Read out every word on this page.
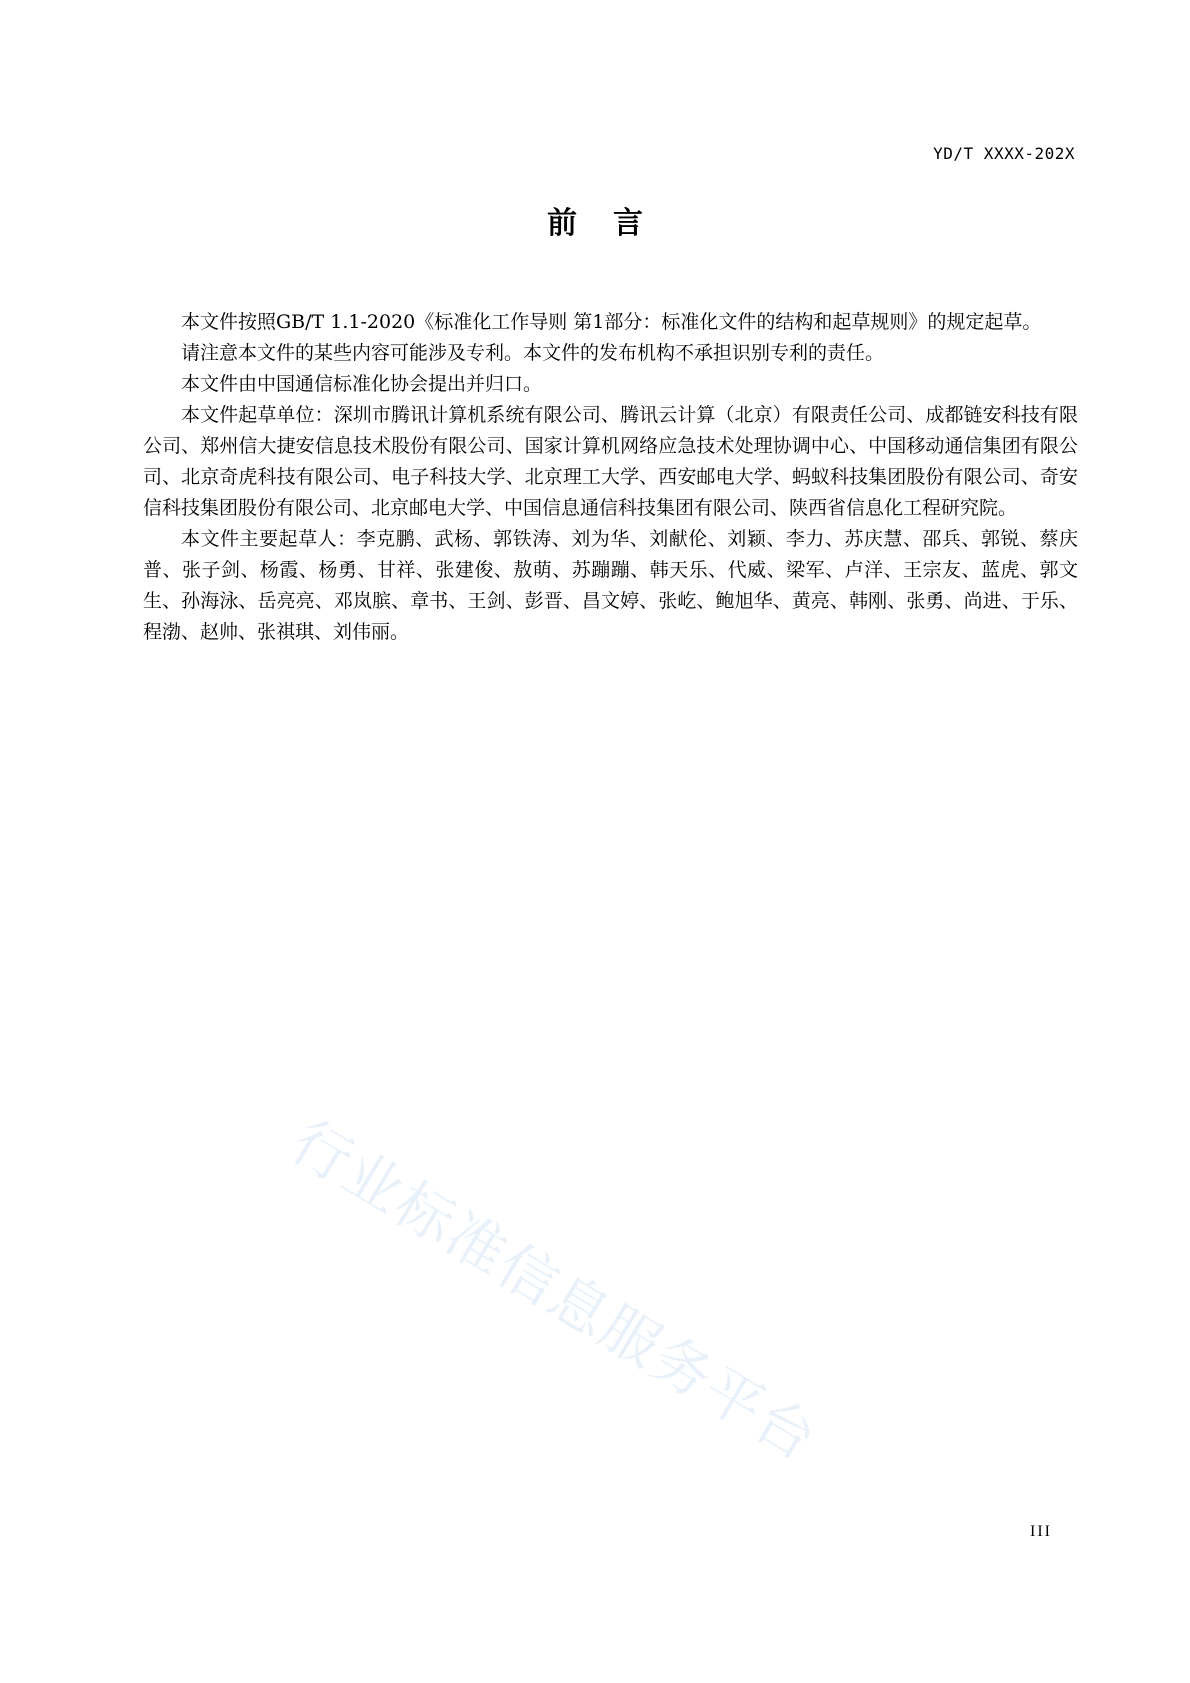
YD/T XXXX-202X
前言

本文件按照GB/T 1.1-2020《标准化工作导则 第1部分：标准化文件的结构和起草规则》的规定起草。

请注意本文件的某些内容可能涉及专利。本文件的发布机构不承担识别专利的责任。

本文件由中国通信标准化协会提出并归口。

本文件起草单位：深圳市腾讯计算机系统有限公司、腾讯云计算（北京）有限责任公司、成都链安科技有限公司、郑州信大捷安信息技术股份有限公司、国家计算机网络应急技术处理协调中心、中国移动通信集团有限公司、北京奇虎科技有限公司、电子科技大学、北京理工大学、西安邮电大学、蚂蚁科技集团股份有限公司、奇安信科技集团股份有限公司、北京邮电大学、中国信息通信科技集团有限公司、陕西省信息化工程研究院。

本文件主要起草人：李克鹏、武杨、郭铁涛、刘为华、刘献伦、刘颖、李力、苏庆慧、邵兵、郭锐、蔡庆普、张子剑、杨霞、杨勇、甘祥、张建俊、敖萌、苏蹦蹦、韩天乐、代威、梁军、卢洋、王宗友、蓝虎、郭文生、孙海泳、岳亮亮、邓岚膑、章书、王剑、彭晋、昌文婷、张屹、鲍旭华、黄亮、韩刚、张勇、尚进、于乐、程渤、赵帅、张祺琪、刘伟丽。

行业标准信息服务平台
III
